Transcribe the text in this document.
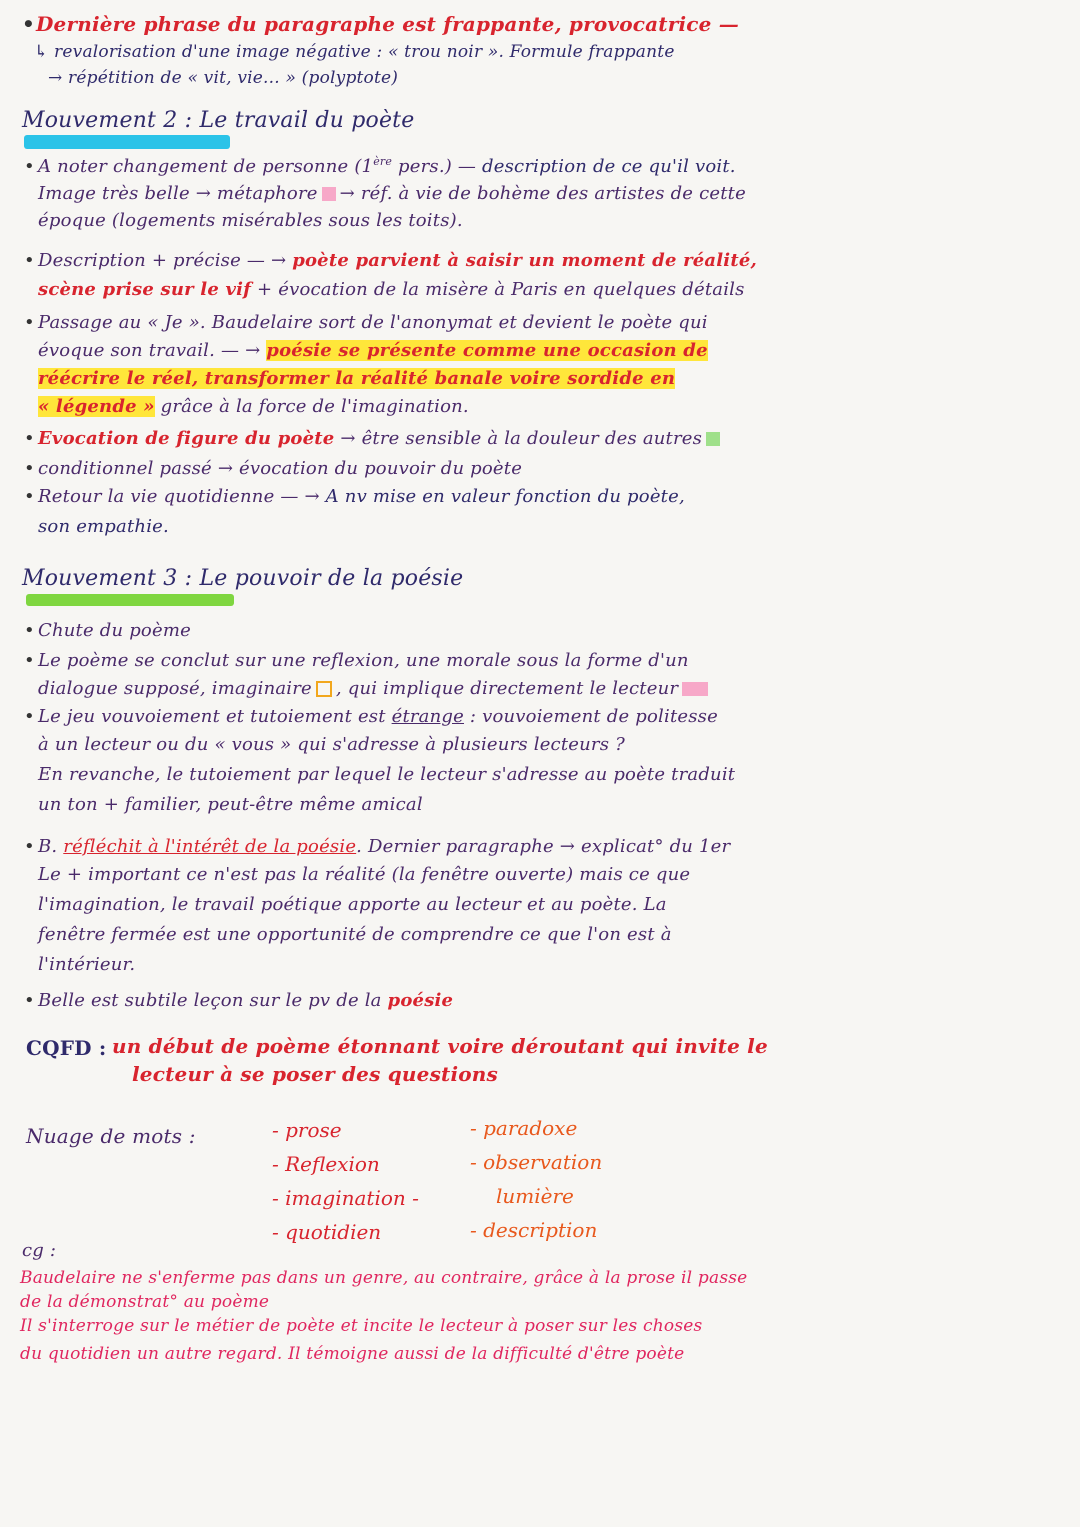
•Dernière phrase du paragraphe est frappante, provocatrice —
↳ revalorisation d'une image négative : « trou noir ». Formule frappante
→ répétition de « vit, vie... » (polyptote)
Mouvement 2 : Le travail du poète
• A noter changement de personne (1ère pers.) — description de ce qu'il voit.
Image très belle → métaphore → réf. à vie de bohème des artistes de cette
époque (logements misérables sous les toits).
• Description + précise — → poète parvient à saisir un moment de réalité,
scène prise sur le vif + évocation de la misère à Paris en quelques détails
• Passage au « Je ». Baudelaire sort de l'anonymat et devient le poète qui
évoque son travail. — → poésie se présente comme une occasion de
réécrire le réel, transformer la réalité banale voire sordide en
« légende » grâce à la force de l'imagination.
• Evocation de figure du poète → être sensible à la douleur des autres
• conditionnel passé → évocation du pouvoir du poète
• Retour la vie quotidienne — → A nv mise en valeur fonction du poète,
son empathie.
Mouvement 3 : Le pouvoir de la poésie
• Chute du poème
• Le poème se conclut sur une reflexion, une morale sous la forme d'un
dialogue supposé, imaginaire , qui implique directement le lecteur
• Le jeu vouvoiement et tutoiement est étrange : vouvoiement de politesse
à un lecteur ou du « vous » qui s'adresse à plusieurs lecteurs ?
En revanche, le tutoiement par lequel le lecteur s'adresse au poète traduit
un ton + familier, peut-être même amical
• B. réfléchit à l'intérêt de la poésie. Dernier paragraphe → explicat° du 1er
Le + important ce n'est pas la réalité (la fenêtre ouverte) mais ce que
l'imagination, le travail poétique apporte au lecteur et au poète. La
fenêtre fermée est une opportunité de comprendre ce que l'on est à
l'intérieur.
• Belle est subtile leçon sur le pv de la poésie
CQFD : un début de poème étonnant voire déroutant qui invite le
lecteur à se poser des questions
Nuage de mots :	- prose
- Reflexion
- imagination -
- quotidien
- paradoxe
- observation
lumière
- description
cg :
Baudelaire ne s'enferme pas dans un genre, au contraire, grâce à la prose il passe
de la démonstrat° au poème
Il s'interroge sur le métier de poète et incite le lecteur à poser sur les choses
du quotidien un autre regard. Il témoigne aussi de la difficulté d'être poète
